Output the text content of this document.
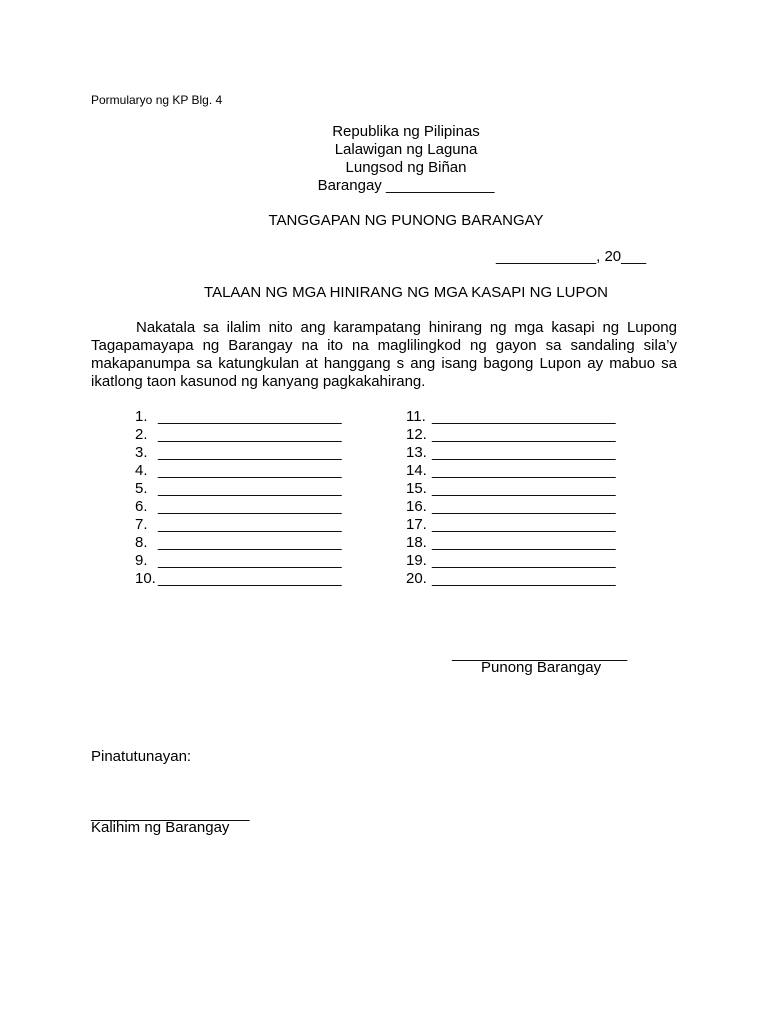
Pormularyo ng KP Blg. 4
Republika ng Pilipinas
Lalawigan ng Laguna
Lungsod ng Biñan
Barangay _____________
TANGGAPAN NG PUNONG BARANGAY
____________, 20___
TALAAN NG MGA HINIRANG NG MGA KASAPI NG LUPON
Nakatala sa ilalim nito ang karampatang hinirang ng mga kasapi ng Lupong Tagapamayapa ng Barangay na ito na maglilingkod ng gayon sa sandaling sila’y makapanumpa sa katungkulan at hanggang s ang isang bagong Lupon ay mabuo sa ikatlong taon kasunod ng kanyang pagkakahirang.
1. ______________________
2. ______________________
3. ______________________
4. ______________________
5. ______________________
6. ______________________
7. ______________________
8. ______________________
9. ______________________
10. ______________________
11. ______________________
12. ______________________
13. ______________________
14. ______________________
15. ______________________
16. ______________________
17. ______________________
18. ______________________
19. ______________________
20. ______________________
_____________________
Punong Barangay
Pinatutunayan:
___________________
Kalihim ng Barangay
